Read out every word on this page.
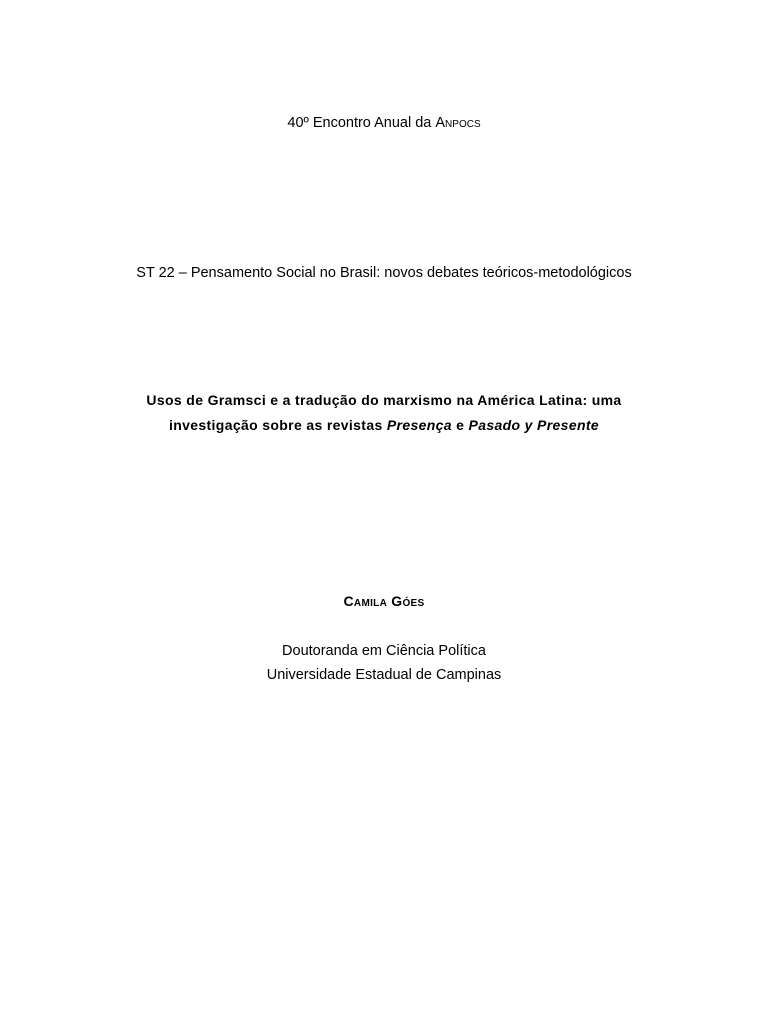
40º Encontro Anual da Anpocs
ST 22 – Pensamento Social no Brasil: novos debates teóricos-metodológicos
Usos de Gramsci e a tradução do marxismo na América Latina: uma
investigação sobre as revistas Presença e Pasado y Presente
Camila Góes
Doutoranda em Ciência Política
Universidade Estadual de Campinas
